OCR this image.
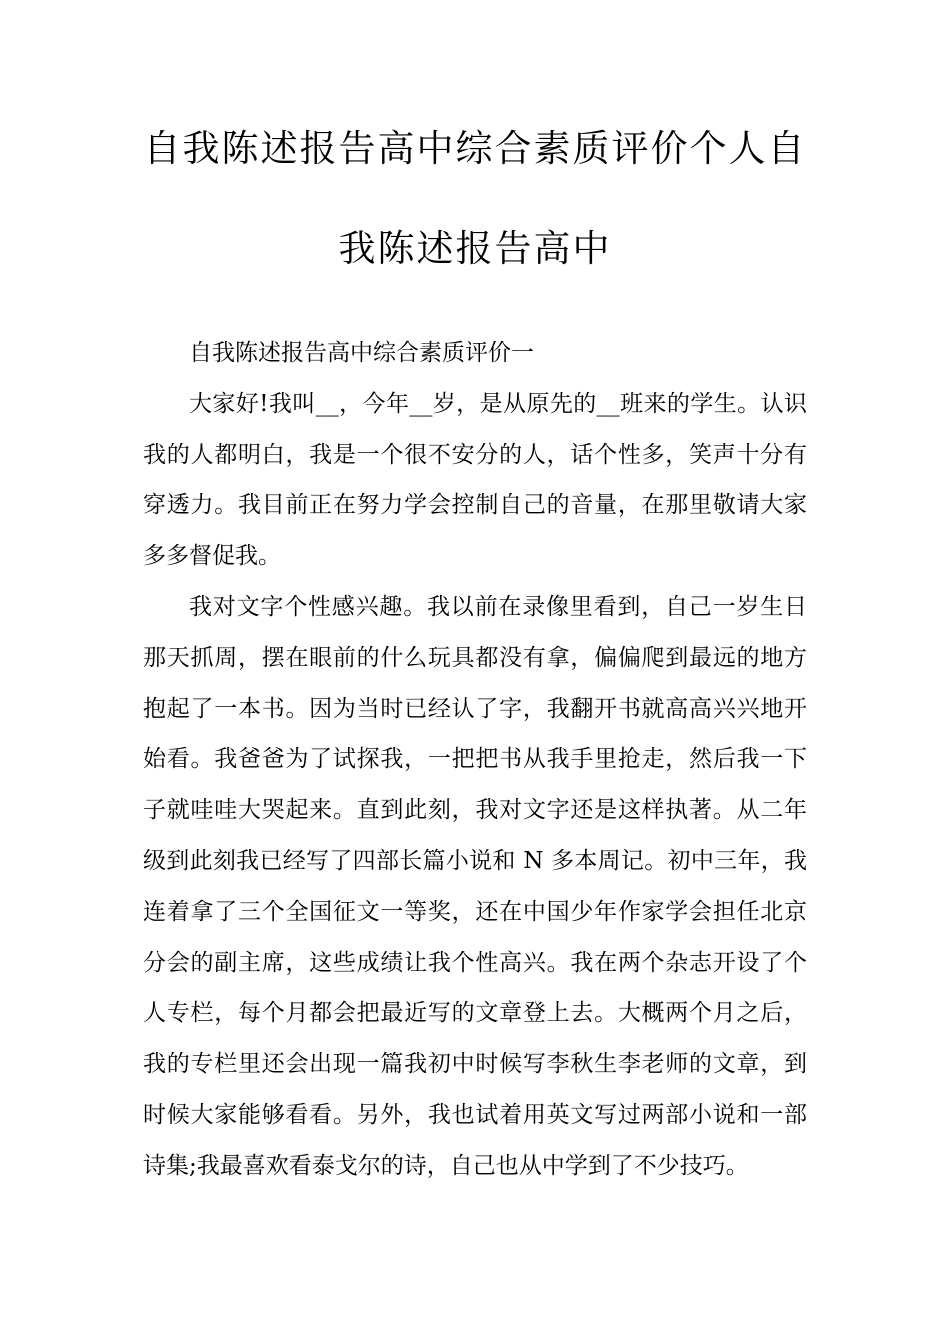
自我陈述报告高中综合素质评价个人自
我陈述报告高中

自我陈述报告高中综合素质评价一

大家好!我叫__，今年__岁，是从原先的__班来的学生。认识我的人都明白，我是一个很不安分的人，话个性多，笑声十分有穿透力。我目前正在努力学会控制自己的音量，在那里敬请大家多多督促我。

我对文字个性感兴趣。我以前在录像里看到，自己一岁生日那天抓周，摆在眼前的什么玩具都没有拿，偏偏爬到最远的地方抱起了一本书。因为当时已经认了字，我翻开书就高高兴兴地开始看。我爸爸为了试探我，一把把书从我手里抢走，然后我一下子就哇哇大哭起来。直到此刻，我对文字还是这样执著。从二年级到此刻我已经写了四部长篇小说和 N 多本周记。初中三年，我连着拿了三个全国征文一等奖，还在中国少年作家学会担任北京分会的副主席，这些成绩让我个性高兴。我在两个杂志开设了个人专栏，每个月都会把最近写的文章登上去。大概两个月之后，我的专栏里还会出现一篇我初中时候写李秋生李老师的文章，到时候大家能够看看。另外，我也试着用英文写过两部小说和一部诗集;我最喜欢看泰戈尔的诗，自己也从中学到了不少技巧。
